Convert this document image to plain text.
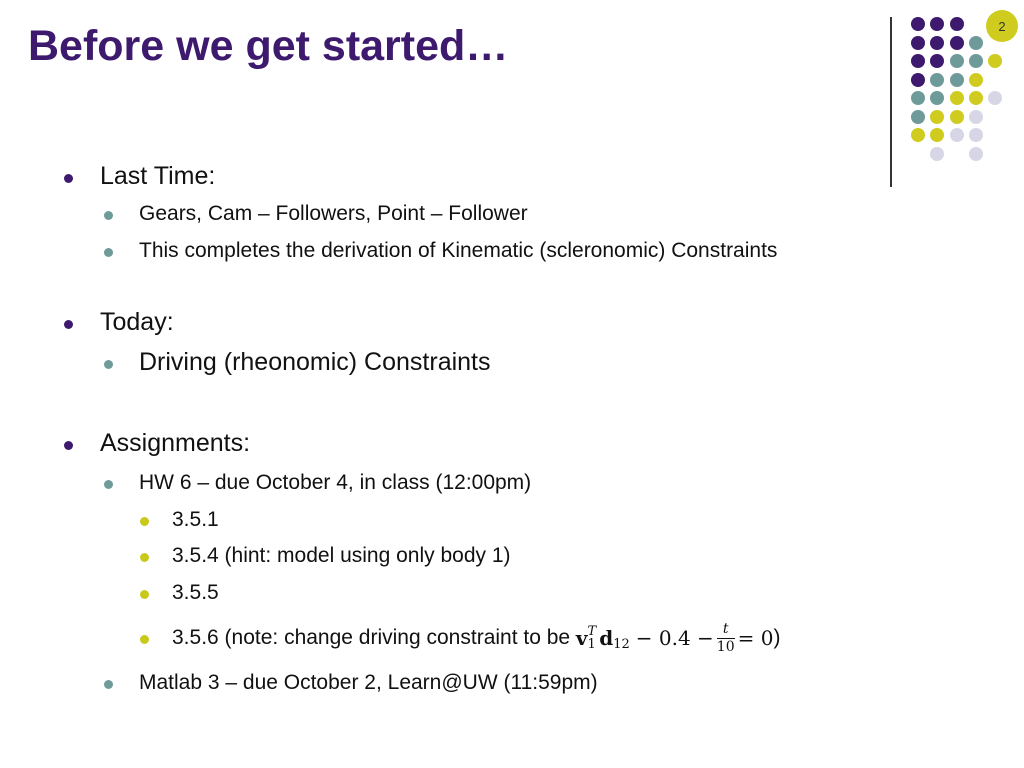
Before we get started…	2
Last Time:
Gears, Cam – Followers, Point – Follower
This completes the derivation of Kinematic (scleronomic) Constraints
Today:
Driving (rheonomic) Constraints
Assignments:
HW 6 – due October 4, in class (12:00pm)
3.5.1
3.5.4 (hint: model using only body 1)
3.5.5
3.5.6 (note: change driving constraint to be v T
1 d $12 - 0.4 - \frac{t}{10} = 0$ )
Matlab 3 – due October 2, Learn@UW (11:59pm)
